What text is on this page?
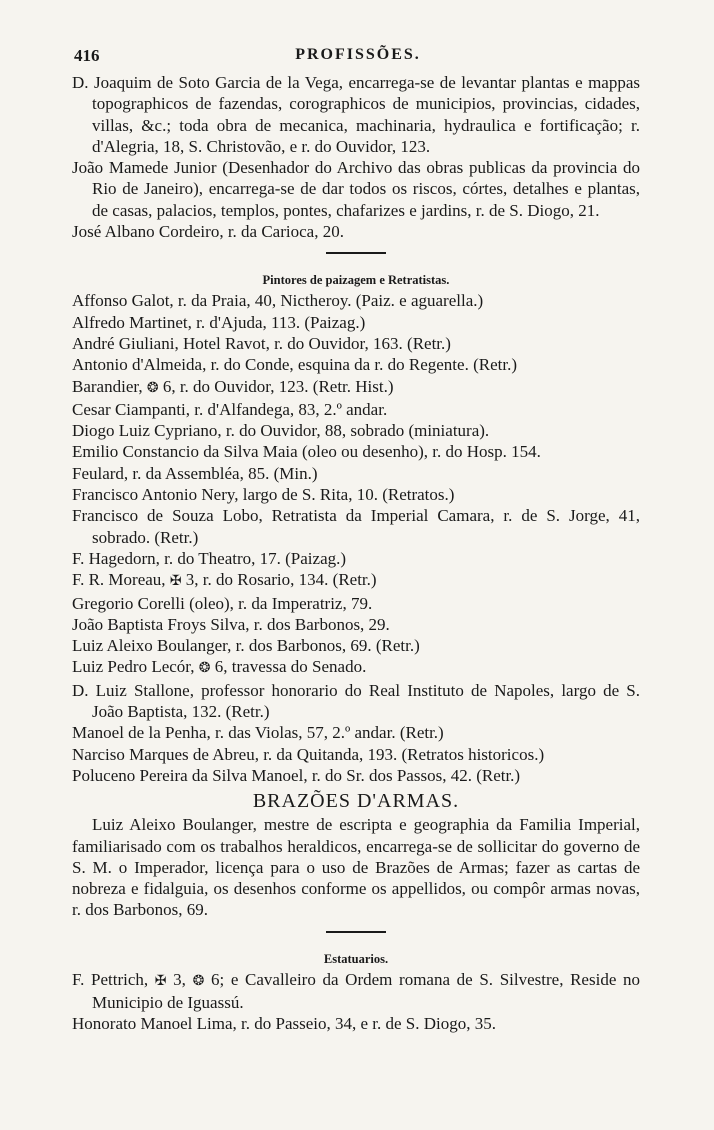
416	PROFISSÕES.
D. Joaquim de Soto Garcia de la Vega, encarrega-se de levantar plantas e mappas topographicos de fazendas, corographicos de municipios, provincias, cidades, villas, &c.; toda obra de mecanica, machinaria, hydraulica e fortificação; r. d'Alegria, 18, S. Christovão, e r. do Ouvidor, 123.
João Mamede Junior (Desenhador do Archivo das obras publicas da provincia do Rio de Janeiro), encarrega-se de dar todos os riscos, córtes, detalhes e plantas, de casas, palacios, templos, pontes, chafarizes e jardins, r. de S. Diogo, 21.
José Albano Cordeiro, r. da Carioca, 20.
Pintores de paizagem e Retratistas.
Affonso Galot, r. da Praia, 40, Nictheroy. (Paiz. e aguarella.)
Alfredo Martinet, r. d'Ajuda, 113. (Paizag.)
André Giuliani, Hotel Ravot, r. do Ouvidor, 163. (Retr.)
Antonio d'Almeida, r. do Conde, esquina da r. do Regente. (Retr.)
Barandier, ❂ 6, r. do Ouvidor, 123. (Retr. Hist.)
Cesar Ciampanti, r. d'Alfandega, 83, 2.º andar.
Diogo Luiz Cypriano, r. do Ouvidor, 88, sobrado (miniatura).
Emilio Constancio da Silva Maia (oleo ou desenho), r. do Hosp. 154.
Feulard, r. da Assembléa, 85. (Min.)
Francisco Antonio Nery, largo de S. Rita, 10. (Retratos.)
Francisco de Souza Lobo, Retratista da Imperial Camara, r. de S. Jorge, 41, sobrado. (Retr.)
F. Hagedorn, r. do Theatro, 17. (Paizag.)
F. R. Moreau, ✠ 3, r. do Rosario, 134. (Retr.)
Gregorio Corelli (oleo), r. da Imperatriz, 79.
João Baptista Froys Silva, r. dos Barbonos, 29.
Luiz Aleixo Boulanger, r. dos Barbonos, 69. (Retr.)
Luiz Pedro Lecór, ❂ 6, travessa do Senado.
D. Luiz Stallone, professor honorario do Real Instituto de Napoles, largo de S. João Baptista, 132. (Retr.)
Manoel de la Penha, r. das Violas, 57, 2.º andar. (Retr.)
Narciso Marques de Abreu, r. da Quitanda, 193. (Retratos historicos.)
Poluceno Pereira da Silva Manoel, r. do Sr. dos Passos, 42. (Retr.)
BRAZÕES D'ARMAS.
Luiz Aleixo Boulanger, mestre de escripta e geographia da Familia Imperial, familiarisado com os trabalhos heraldicos, encarrega-se de sollicitar do governo de S. M. o Imperador, licença para o uso de Brazões de Armas; fazer as cartas de nobreza e fidalguia, os desenhos conforme os appellidos, ou compôr armas novas, r. dos Barbonos, 69.
Estatuarios.
F. Pettrich, ✠ 3, ❂ 6; e Cavalleiro da Ordem romana de S. Silvestre, Reside no Municipio de Iguassú.
Honorato Manoel Lima, r. do Passeio, 34, e r. de S. Diogo, 35.
